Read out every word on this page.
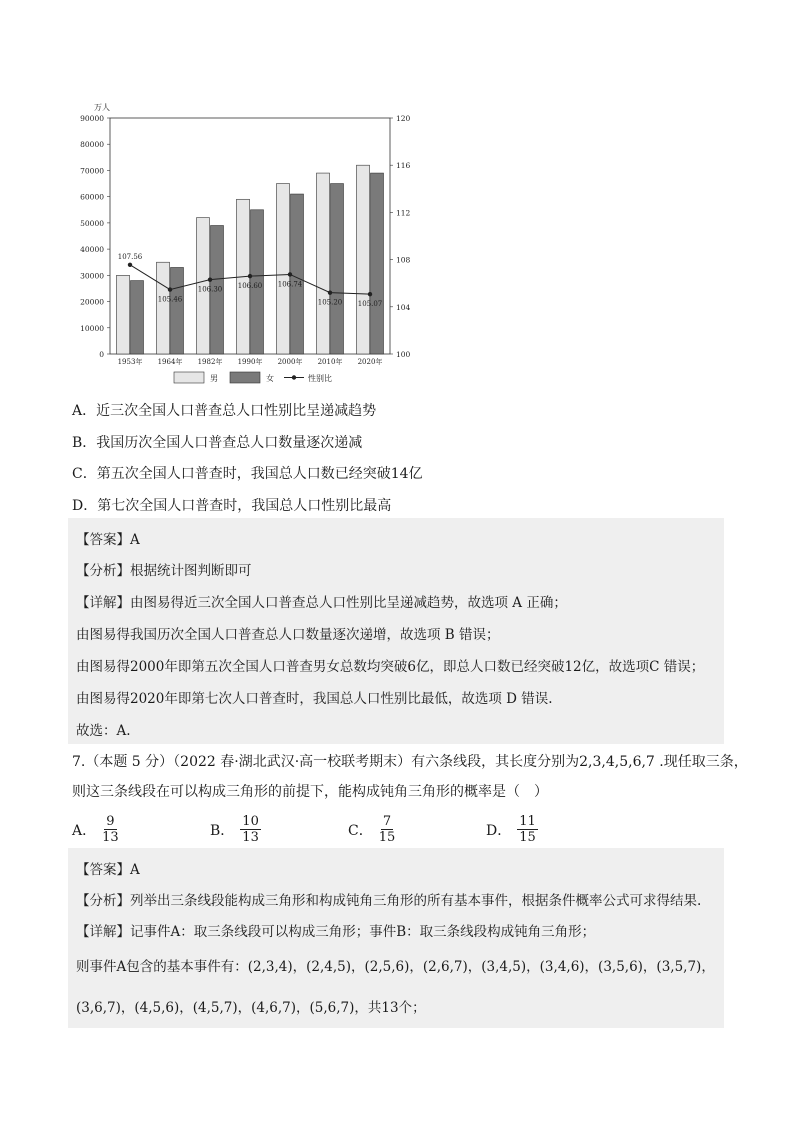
万人
0
10000
20000
30000
40000
50000
60000
70000
80000
90000
100
104
108
112
116
120
107.56
105.46
106.30 106.60 106.74
105.20 105.07
1953年 1964年 1982年 1990年 2000年 2010年 2020年
男	女	性别比
A．近三次全国人口普查总人口性别比呈递减趋势
B．我国历次全国人口普查总人口数量逐次递减
C．第五次全国人口普查时，我国总人口数已经突破14亿
D．第七次全国人口普查时，我国总人口性别比最高
【答案】A
【分析】根据统计图判断即可
【详解】由图易得近三次全国人口普查总人口性别比呈递减趋势，故选项 A 正确；
由图易得我国历次全国人口普查总人口数量逐次递增，故选项 B 错误；
由图易得2000年即第五次全国人口普查男女总数均突破6亿，即总人口数已经突破12亿，故选项C 错误；
由图易得2020年即第七次人口普查时，我国总人口性别比最低，故选项 D 错误.
故选：A.
7.（本题 5 分）（2022 春·湖北武汉·高一校联考期末）有六条线段，其长度分别为2,3,4,5,6,7 .现任取三条，
则这三条线段在可以构成三角形的前提下，能构成钝角三角形的概率是（　）
A． $\frac{9}{13}$	B． $\frac{10}{13}$	C． $\frac{7}{15}$	D． $\frac{11}{15}$
【答案】A
【分析】列举出三条线段能构成三角形和构成钝角三角形的所有基本事件，根据条件概率公式可求得结果.
【详解】记事件A：取三条线段可以构成三角形；事件B：取三条线段构成钝角三角形；
则事件A包含的基本事件有：(2,3,4)，(2,4,5)，(2,5,6)，(2,6,7)，(3,4,5)，(3,4,6)，(3,5,6)，(3,5,7)，
(3,6,7)，(4,5,6)，(4,5,7)，(4,6,7)，(5,6,7)，共13个；
